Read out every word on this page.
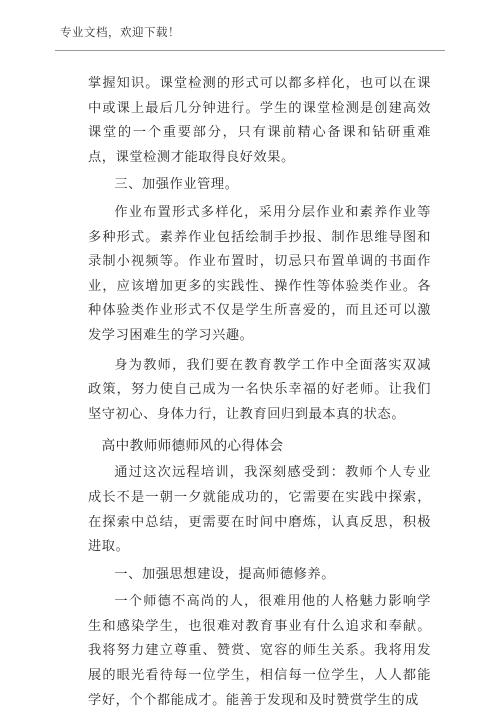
专业文档，欢迎下载！

掌握知识。课堂检测的形式可以都多样化，也可以在课中或课上最后几分钟进行。学生的课堂检测是创建高效课堂的一个重要部分，只有课前精心备课和钻研重难点，课堂检测才能取得良好效果。

三、加强作业管理。

作业布置形式多样化，采用分层作业和素养作业等多种形式。素养作业包括绘制手抄报、制作思维导图和录制小视频等。作业布置时，切忌只布置单调的书面作业，应该增加更多的实践性、操作性等体验类作业。各种体验类作业形式不仅是学生所喜爱的，而且还可以激发学习困难生的学习兴趣。

身为教师，我们要在教育教学工作中全面落实双减政策，努力使自己成为一名快乐幸福的好老师。让我们坚守初心、身体力行，让教育回归到最本真的状态。

高中教师师德师风的心得体会

通过这次远程培训，我深刻感受到：教师个人专业成长不是一朝一夕就能成功的，它需要在实践中探索，在探索中总结，更需要在时间中磨炼，认真反思，积极进取。

一、加强思想建设，提高师德修养。

一个师德不高尚的人，很难用他的人格魅力影响学生和感染学生，也很难对教育事业有什么追求和奉献。我将努力建立尊重、赞赏、宽容的师生关系。我将用发展的眼光看待每一位学生，相信每一位学生，人人都能学好，个个都能成才。能善于发现和及时赞赏学生的成
